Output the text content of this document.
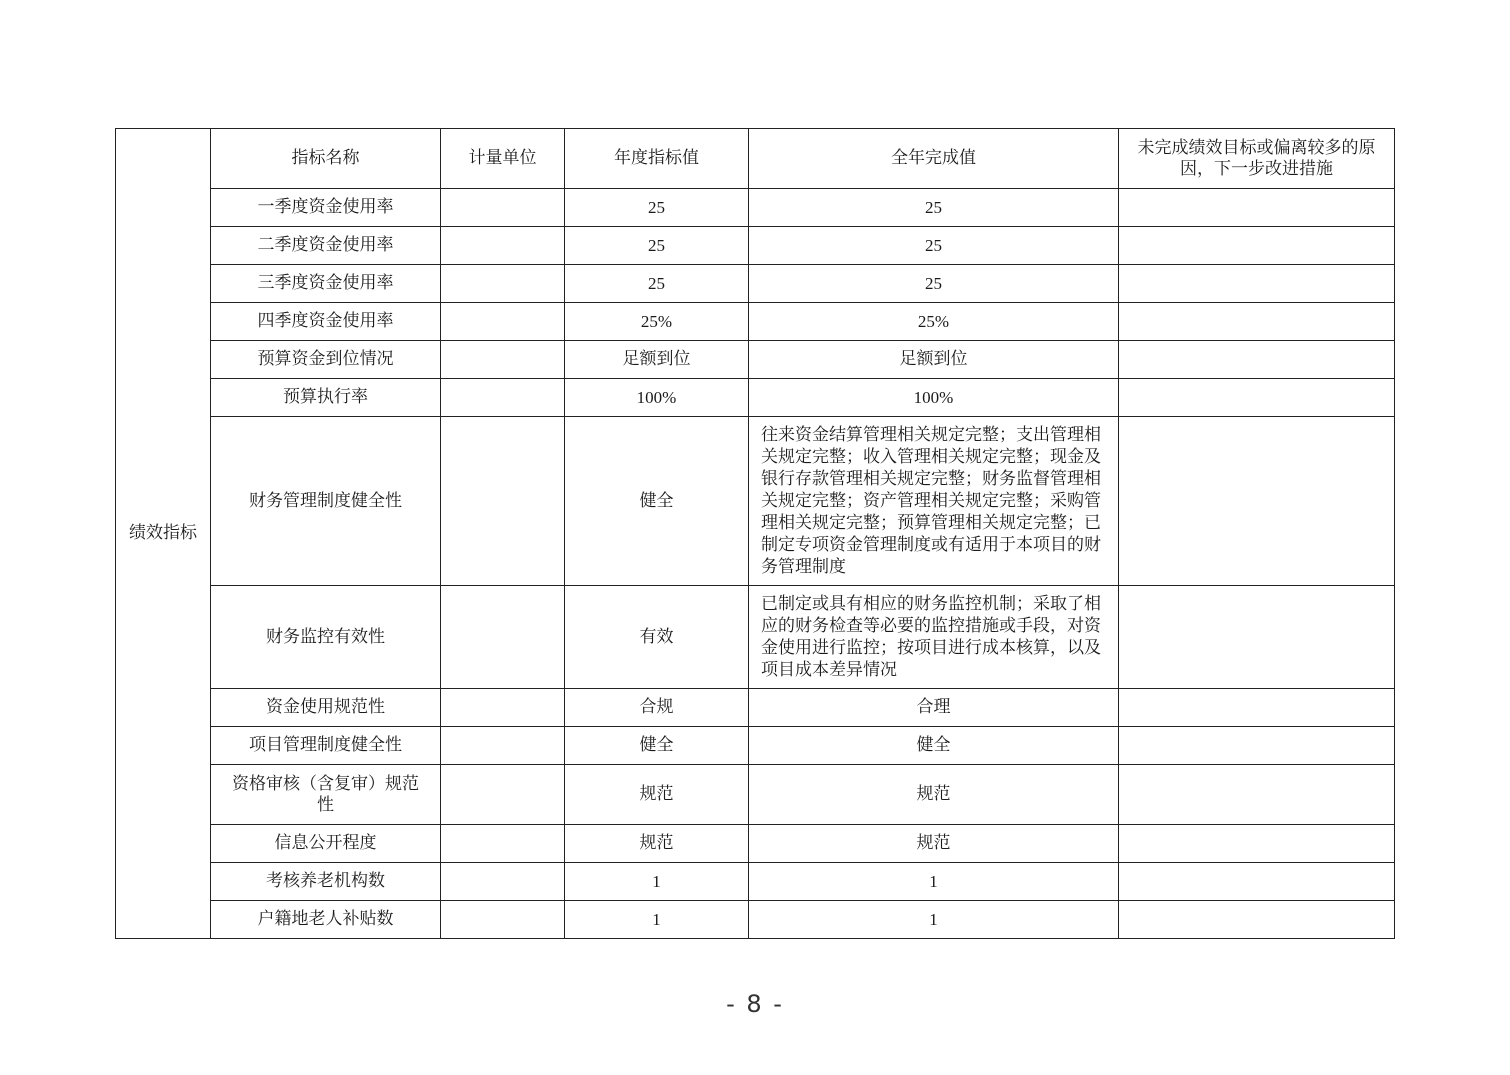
绩效指标	指标名称	计量单位	年度指标值	全年完成值	未完成绩效目标或偏离较多的原因，下一步改进措施
	一季度资金使用率		25	25	
	二季度资金使用率		25	25	
	三季度资金使用率		25	25	
	四季度资金使用率		25%	25%	
	预算资金到位情况		足额到位	足额到位	
	预算执行率		100%	100%	
	财务管理制度健全性		健全	往来资金结算管理相关规定完整；支出管理相关规定完整；收入管理相关规定完整；现金及银行存款管理相关规定完整；财务监督管理相关规定完整；资产管理相关规定完整；采购管理相关规定完整；预算管理相关规定完整；已制定专项资金管理制度或有适用于本项目的财务管理制度	
	财务监控有效性		有效	已制定或具有相应的财务监控机制；采取了相应的财务检查等必要的监控措施或手段，对资金使用进行监控；按项目进行成本核算，以及项目成本差异情况	
	资金使用规范性		合规	合理	
	项目管理制度健全性		健全	健全	
	资格审核（含复审）规范性		规范	规范	
	信息公开程度		规范	规范	
	考核养老机构数		1	1	
	户籍地老人补贴数		1	1	
- 8 -
